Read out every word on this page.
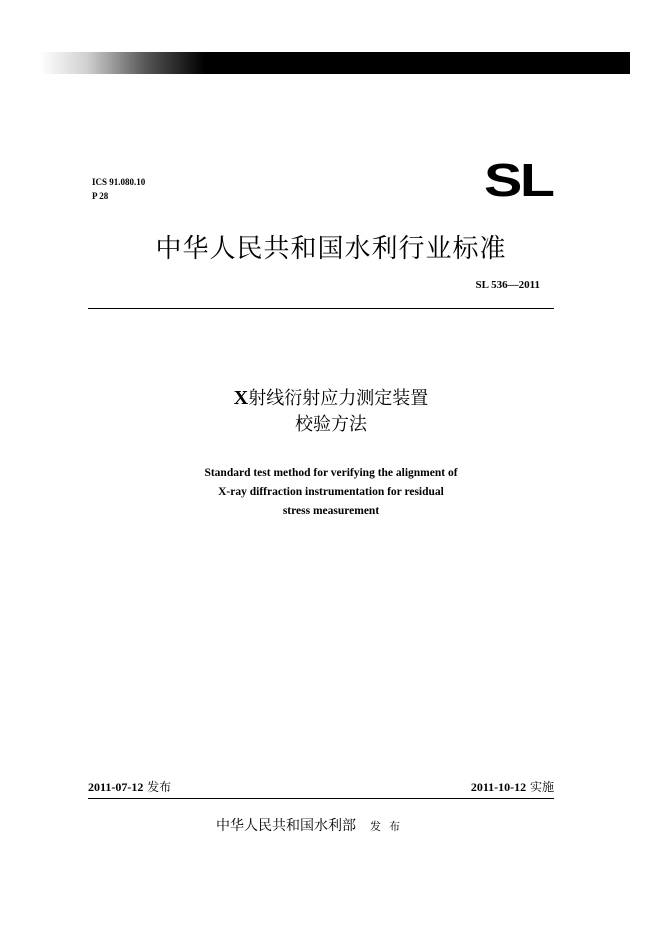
ICS 91.080.10
P 28	SL
中华人民共和国水利行业标准
SL 536—2011
X射线衍射应力测定装置
校验方法
Standard test method for verifying the alignment of
X-ray diffraction instrumentation for residual
stress measurement
2011-07-12 发布	2011-10-12 实施
中华人民共和国水利部 发布
